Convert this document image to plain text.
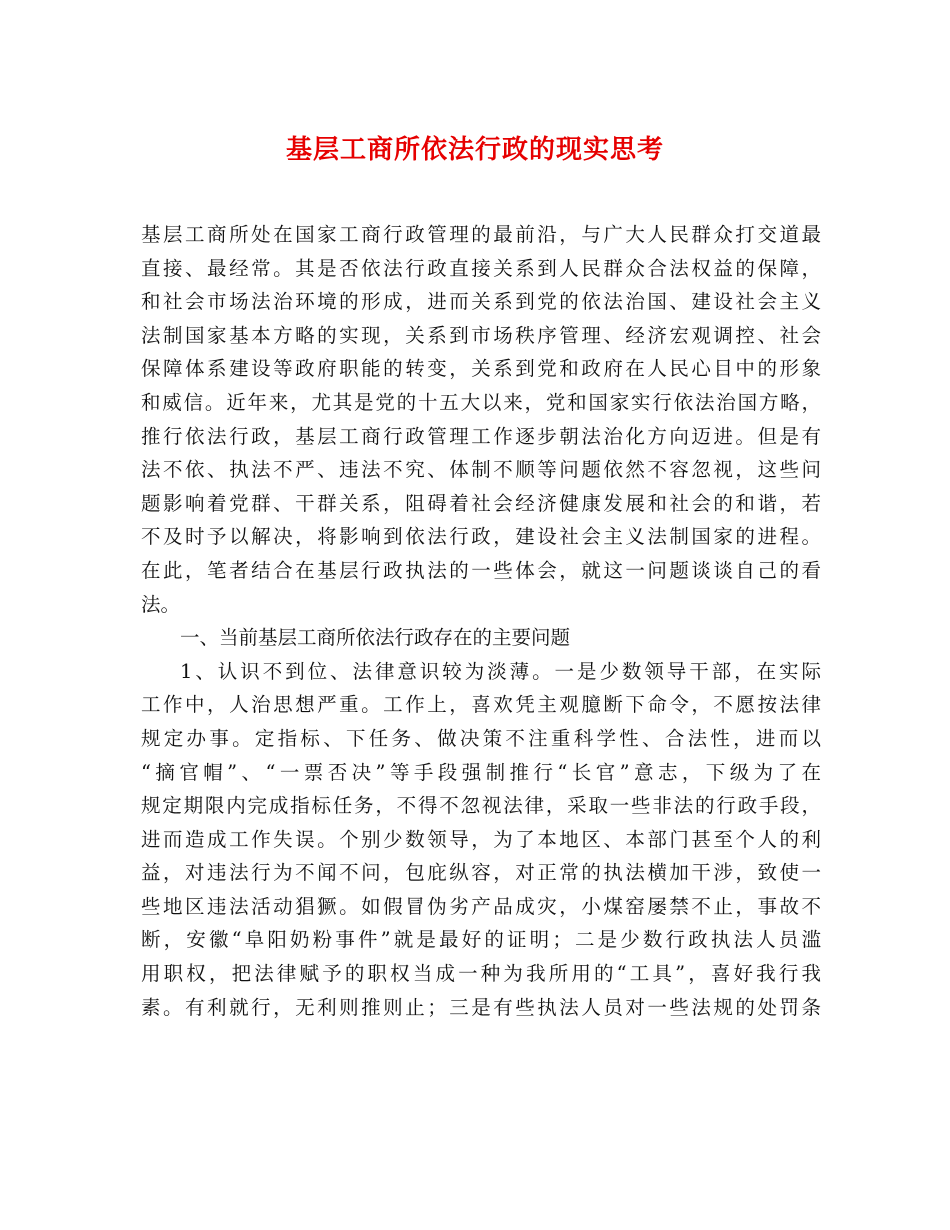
基层工商所依法行政的现实思考
基层工商所处在国家工商行政管理的最前沿，与广大人民群众打交道最
直接、最经常。其是否依法行政直接关系到人民群众合法权益的保障，
和社会市场法治环境的形成，进而关系到党的依法治国、建设社会主义
法制国家基本方略的实现，关系到市场秩序管理、经济宏观调控、社会
保障体系建设等政府职能的转变，关系到党和政府在人民心目中的形象
和威信。近年来，尤其是党的十五大以来，党和国家实行依法治国方略，
推行依法行政，基层工商行政管理工作逐步朝法治化方向迈进。但是有
法不依、执法不严、违法不究、体制不顺等问题依然不容忽视，这些问
题影响着党群、干群关系，阻碍着社会经济健康发展和社会的和谐，若
不及时予以解决，将影响到依法行政，建设社会主义法制国家的进程。
在此，笔者结合在基层行政执法的一些体会，就这一问题谈谈自己的看
法。
一、当前基层工商所依法行政存在的主要问题
1、认识不到位、法律意识较为淡薄。一是少数领导干部，在实际
工作中，人治思想严重。工作上，喜欢凭主观臆断下命令，不愿按法律
规定办事。定指标、下任务、做决策不注重科学性、合法性，进而以
“摘官帽”、“一票否决”等手段强制推行“长官”意志，下级为了在
规定期限内完成指标任务，不得不忽视法律，采取一些非法的行政手段，
进而造成工作失误。个别少数领导，为了本地区、本部门甚至个人的利
益，对违法行为不闻不问，包庇纵容，对正常的执法横加干涉，致使一
些地区违法活动猖獗。如假冒伪劣产品成灾，小煤窑屡禁不止，事故不
断，安徽“阜阳奶粉事件”就是最好的证明；二是少数行政执法人员滥
用职权，把法律赋予的职权当成一种为我所用的“工具”，喜好我行我
素。有利就行，无利则推则止；三是有些执法人员对一些法规的处罚条
